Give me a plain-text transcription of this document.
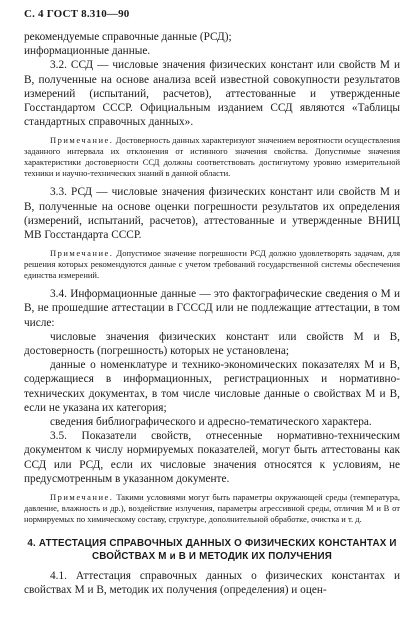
С. 4 ГОСТ 8.310—90

рекомендуемые справочные данные (РСД);

информационные данные.

3.2. ССД — числовые значения физических констант или свойств М и В, полученные на основе анализа всей известной совокупности результатов измерений (испытаний, расчетов), аттестованные и утвержденные Госстандартом СССР. Официальным изданием ССД являются «Таблицы стандартных справочных данных».

Примечание. Достоверность данных характеризуют значением вероятности осуществления заданного интервала их отклонения от истинного значения свойства. Допустимые значения характеристики достоверности ССД должны соответствовать достигнутому уровню измерительной техники и научно-технических знаний в данной области.

3.3. РСД — числовые значения физических констант или свойств М и В, полученные на основе оценки погрешности результатов их определения (измерений, испытаний, расчетов), аттестованные и утвержденные ВНИЦ МВ Госстандарта СССР.

Примечание. Допустимое значение погрешности РСД должно удовлетворять задачам, для решения которых рекомендуются данные с учетом требований государственной системы обеспечения единства измерений.

3.4. Информационные данные — это фактографические сведения о М и В, не прошедшие аттестации в ГСССД или не подлежащие аттестации, в том числе:

числовые значения физических констант или свойств М и В, достоверность (погрешность) которых не установлена;

данные о номенклатуре и технико-экономических показателях М и В, содержащиеся в информационных, регистрационных и нормативно-технических документах, в том числе числовые данные о свойствах М и В, если не указана их категория;

сведения библиографического и адресно-тематического характера.

3.5. Показатели свойств, отнесенные нормативно-техническим документом к числу нормируемых показателей, могут быть аттестованы как ССД или РСД, если их числовые значения относятся к условиям, не предусмотренным в указанном документе.

Примечание. Такими условиями могут быть параметры окружающей среды (температура, давление, влажность и др.), воздействие излучения, параметры агрессивной среды, отличия М и В от нормируемых по химическому составу, структуре, дополнительной обработке, очистка и т. д.

4. АТТЕСТАЦИЯ СПРАВОЧНЫХ ДАННЫХ О ФИЗИЧЕСКИХ КОНСТАНТАХ И СВОЙСТВАХ М и В И МЕТОДИК ИХ ПОЛУЧЕНИЯ

4.1. Аттестация справочных данных о физических константах и свойствах М и В, методик их получения (определения) и оцен-
